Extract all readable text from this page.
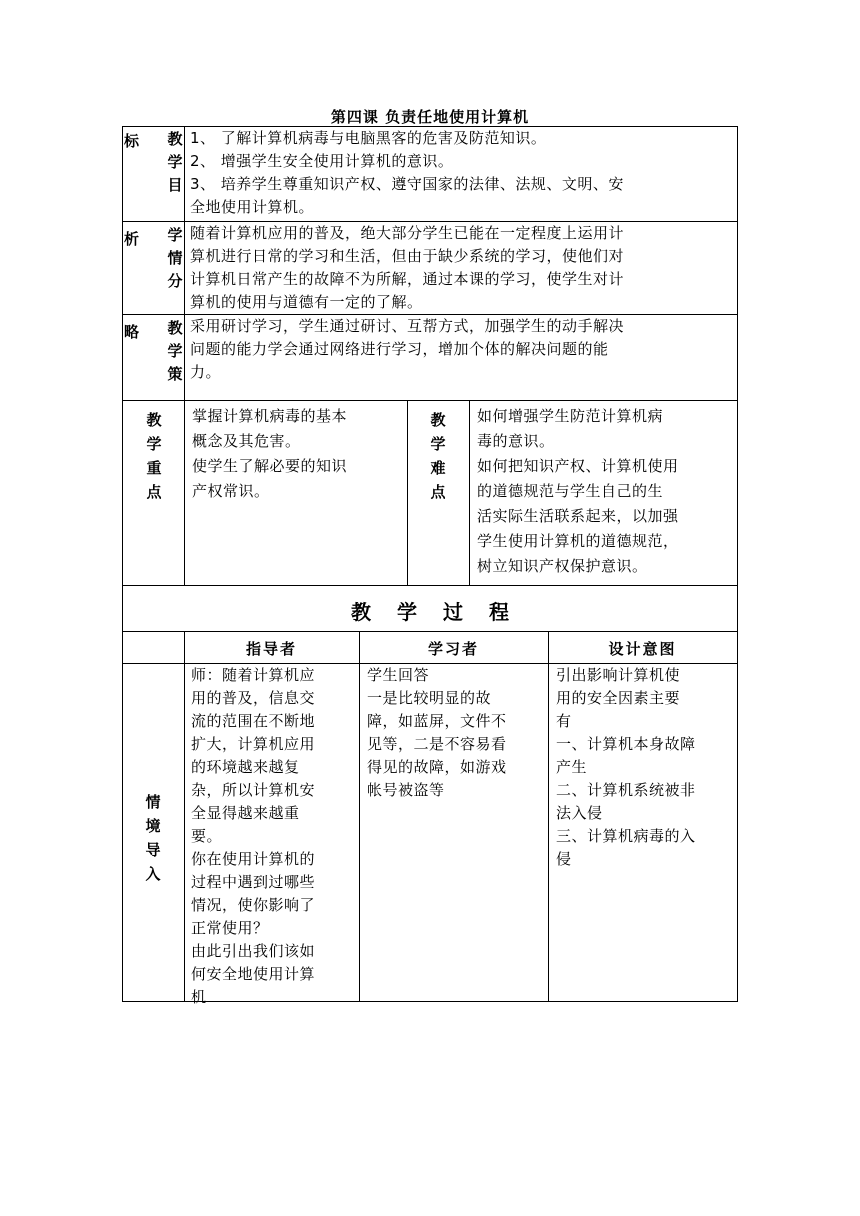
第四课 负责任地使用计算机
标 教学目
1、 了解计算机病毒与电脑黑客的危害及防范知识。
2、 增强学生安全使用计算机的意识。
3、 培养学生尊重知识产权、遵守国家的法律、法规、文明、安
全地使用计算机。
析 学情分
随着计算机应用的普及，绝大部分学生已能在一定程度上运用计
算机进行日常的学习和生活，但由于缺少系统的学习，使他们对
计算机日常产生的故障不为所解，通过本课的学习，使学生对计
算机的使用与道德有一定的了解。
略 教学策
采用研讨学习，学生通过研讨、互帮方式，加强学生的动手解决
问题的能力学会通过网络进行学习，增加个体的解决问题的能
力。
教学重点
掌握计算机病毒的基本
概念及其危害。
使学生了解必要的知识
产权常识。
教学难点
如何增强学生防范计算机病
毒的意识。
如何把知识产权、计算机使用
的道德规范与学生自己的生
活实际生活联系起来，以加强
学生使用计算机的道德规范，
树立知识产权保护意识。
教学过程
指导者	学习者	设计意图
情境导入
师：随着计算机应
用的普及，信息交
流的范围在不断地
扩大，计算机应用
的环境越来越复
杂，所以计算机安
全显得越来越重
要。
你在使用计算机的
过程中遇到过哪些
情况，使你影响了
正常使用？
由此引出我们该如
何安全地使用计算
机
学生回答
一是比较明显的故
障，如蓝屏，文件不
见等，二是不容易看
得见的故障，如游戏
帐号被盗等
引出影响计算机使
用的安全因素主要
有
一、计算机本身故障
产生
二、计算机系统被非
法入侵
三、计算机病毒的入
侵
